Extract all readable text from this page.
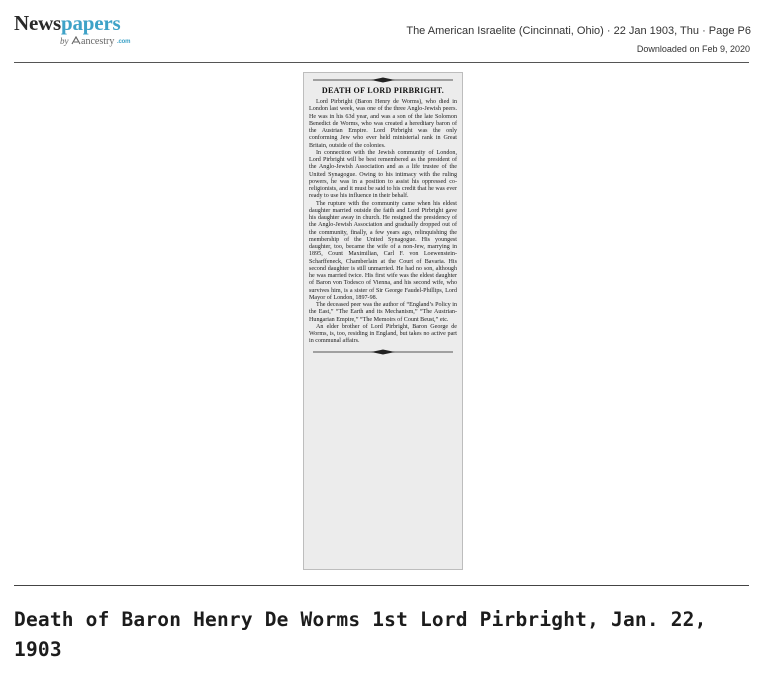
Newspapers
.com
by ancestry
The American Israelite (Cincinnati, Ohio) · 22 Jan 1903, Thu · Page P6
Downloaded on Feb 9, 2020
DEATH OF LORD PIRBRIGHT.

Lord Pirbright (Baron Henry de Worms), who died in London last week, was one of the three Anglo-Jewish peers. He was in his 63d year, and was a son of the late Solomon Benedict de Worms, who was created a hereditary baron of the Austrian Empire. Lord Pirbright was the only conforming Jew who ever held ministerial rank in Great Britain, outside of the colonies.

In connection with the Jewish community of London, Lord Pirbright will be best remembered as the president of the Anglo-Jewish Association and as a life trustee of the United Synagogue. Owing to his intimacy with the ruling powers, he was in a position to assist his oppressed co-religionists, and it must be said to his credit that he was ever ready to use his influence in their behalf.

The rupture with the community came when his eldest daughter married outside the faith and Lord Pirbright gave his daughter away in church. He resigned the presidency of the Anglo-Jewish Association and gradually dropped out of the community, finally, a few years ago, relinquishing the membership of the United Synagogue. His youngest daughter, too, became the wife of a non-Jew, marrying in 1895, Count Maximilian, Carl F. von Loewenstein-Scharffeneck, Chamberlain at the Court of Bavaria. His second daughter is still unmarried. He had no son, although he was married twice. His first wife was the eldest daughter of Baron von Todesco of Vienna, and his second wife, who survives him, is a sister of Sir George Faudel-Phillips, Lord Mayor of London, 1897-98.

The deceased peer was the author of “England’s Policy in the East,” “The Earth and its Mechanism,” “The Austrian-Hungarian Empire,” “The Memoirs of Count Beust,” etc.

An elder brother of Lord Pirbright, Baron George de Worms, is, too, residing in England, but takes no active part in communal affairs.

Death of Baron Henry De Worms 1st Lord Pirbright, Jan. 22, 1903
